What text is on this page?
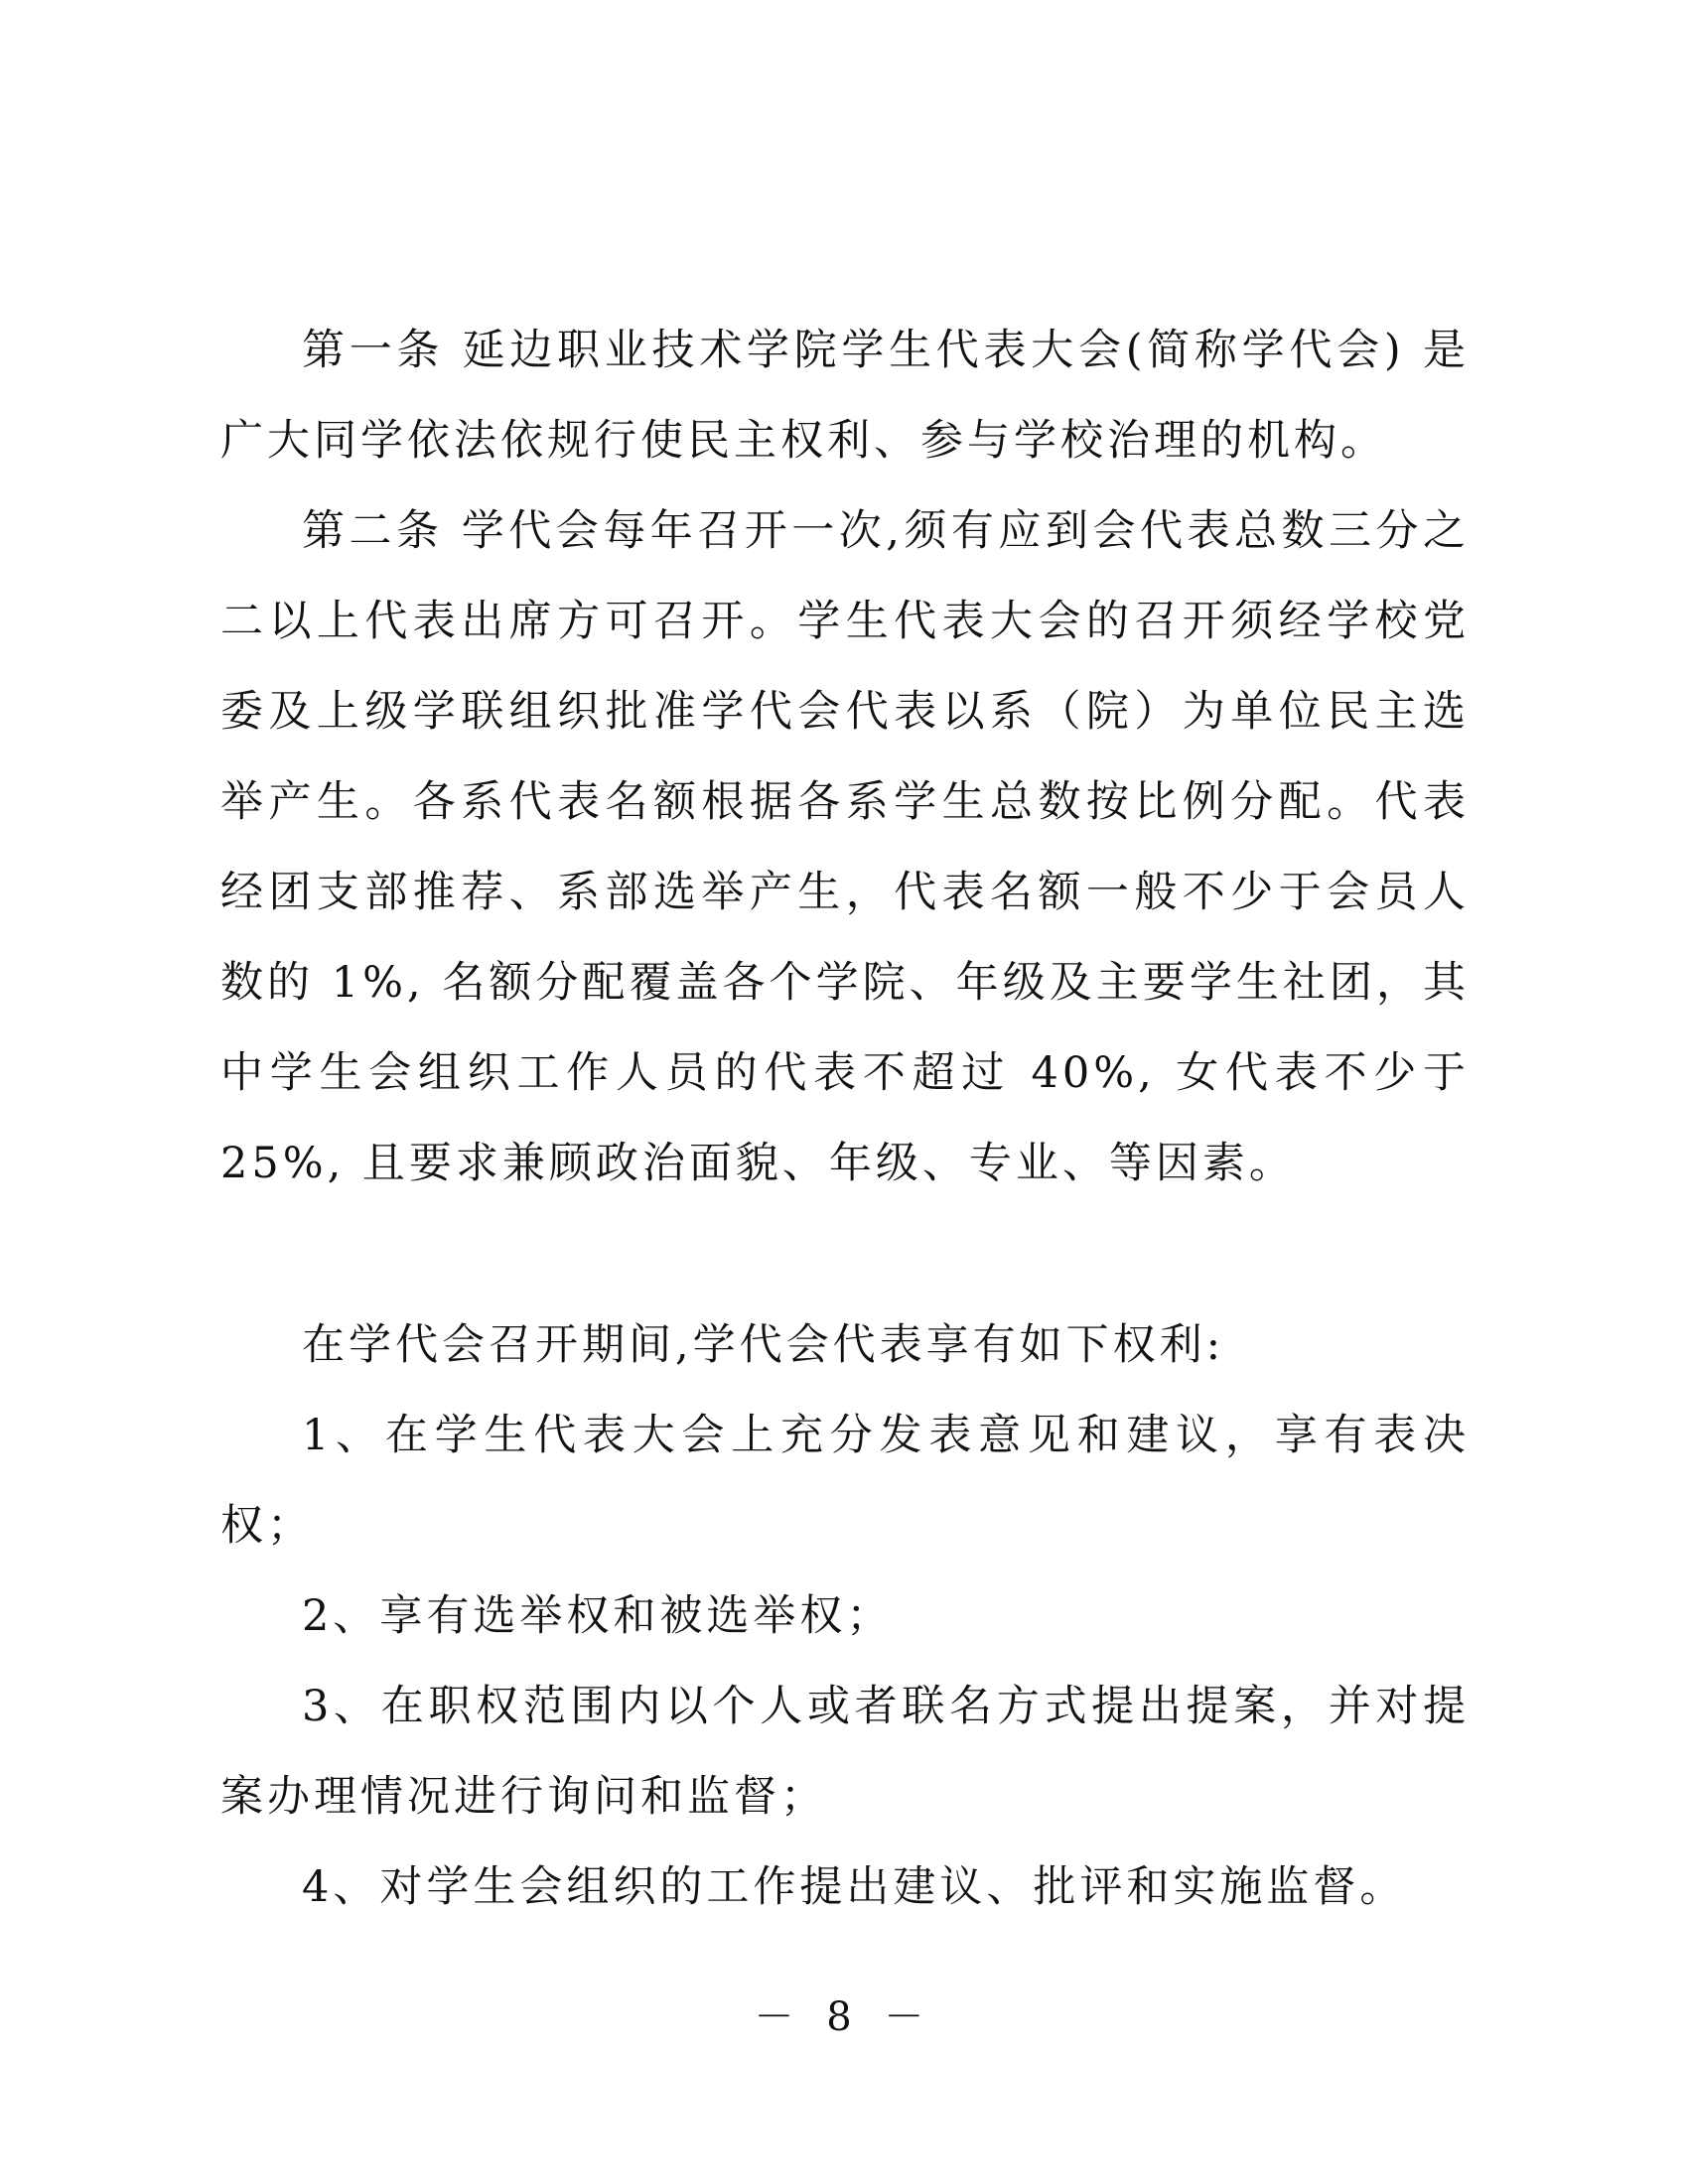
第一条 延边职业技术学院学生代表大会(简称学代会) 是广大同学依法依规行使民主权利、参与学校治理的机构。

第二条 学代会每年召开一次,须有应到会代表总数三分之二以上代表出席方可召开。学生代表大会的召开须经学校党委及上级学联组织批准学代会代表以系（院）为单位民主选举产生。各系代表名额根据各系学生总数按比例分配。代表经团支部推荐、系部选举产生，代表名额一般不少于会员人数的 1%, 名额分配覆盖各个学院、年级及主要学生社团，其中学生会组织工作人员的代表不超过 40%, 女代表不少于 25%, 且要求兼顾政治面貌、年级、专业、等因素。

在学代会召开期间,学代会代表享有如下权利:

1、在学生代表大会上充分发表意见和建议，享有表决权；

2、享有选举权和被选举权；

3、在职权范围内以个人或者联名方式提出提案，并对提案办理情况进行询问和监督；

4、对学生会组织的工作提出建议、批评和实施监督。

－ 8 －
